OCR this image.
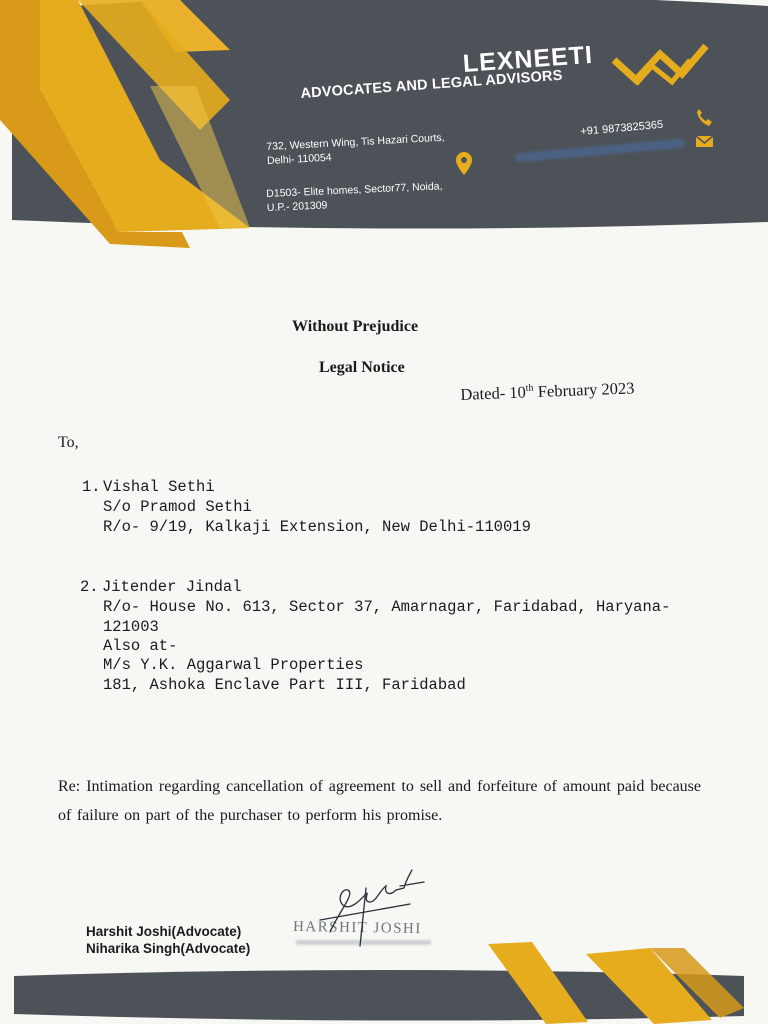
LEXNEETI
ADVOCATES AND LEGAL ADVISORS
732, Western Wing, Tis Hazari Courts, Delhi- 110054
D1503- Elite homes, Sector77, Noida, U.P.- 201309
+91 9873825365
Without Prejudice
Legal Notice
Dated- 10th February 2023
To,
1. Vishal Sethi
S/o Pramod Sethi
R/o- 9/19, Kalkaji Extension, New Delhi-110019
2. Jitender Jindal
R/o- House No. 613, Sector 37, Amarnagar, Faridabad, Haryana-
121003
Also at-
M/s Y.K. Aggarwal Properties
181, Ashoka Enclave Part III, Faridabad
Re: Intimation regarding cancellation of agreement to sell and forfeiture of amount paid because of failure on part of the purchaser to perform his promise.
Harshit Joshi(Advocate)
Niharika Singh(Advocate)
HARSHIT JOSHI
